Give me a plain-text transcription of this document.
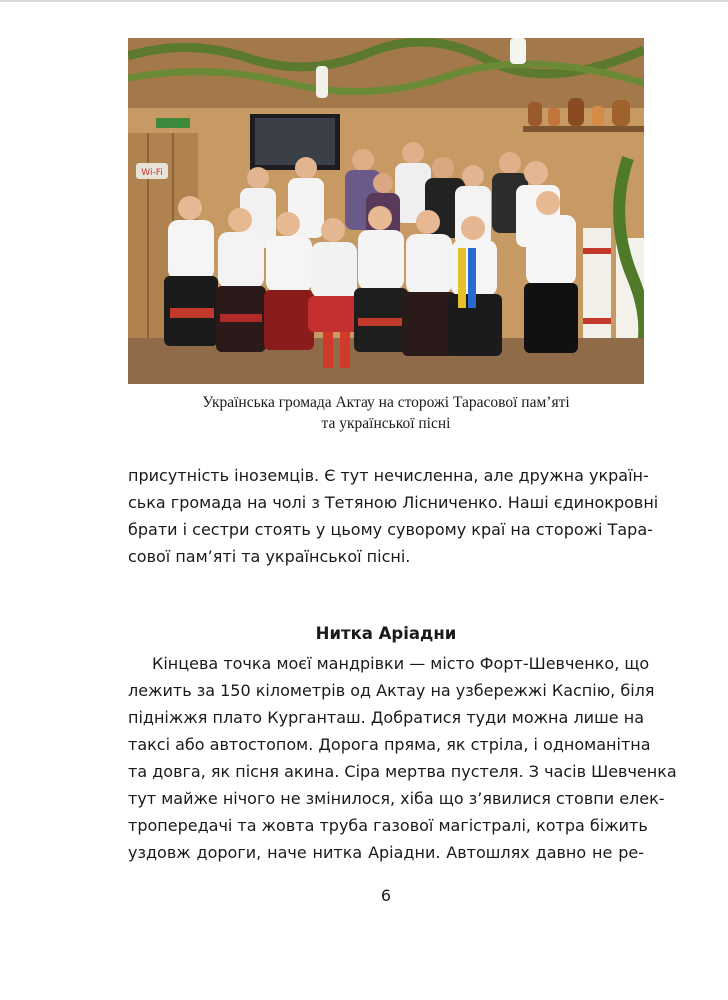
Wi-Fi
Українська громада Актау на сторожі Тарасової пам’яті
та української пісні
присутність іноземців. Є тут нечисленна, але дружна україн-
ська громада на чолі з Тетяною Лісниченко. Наші єдинокровні
брати і сестри стоять у цьому суворому краї на сторожі Тара-
сової пам’яті та української пісні.
Нитка Аріадни
Кінцева точка моєї мандрівки — місто Форт-Шевченко, що
лежить за 150 кілометрів од Актау на узбережжі Каспію, біля
підніжжя плато Курганташ. Добратися туди можна лише на
таксі або автостопом. Дорога пряма, як стріла, і одноманітна
та довга, як пісня акина. Сіра мертва пустеля. З часів Шевченка
тут майже нічого не змінилося, хіба що з’явилися стовпи елек-
тропередачі та жовта труба газової магістралі, котра біжить
уздовж дороги, наче нитка Аріадни. Автошлях давно не ре-
6
